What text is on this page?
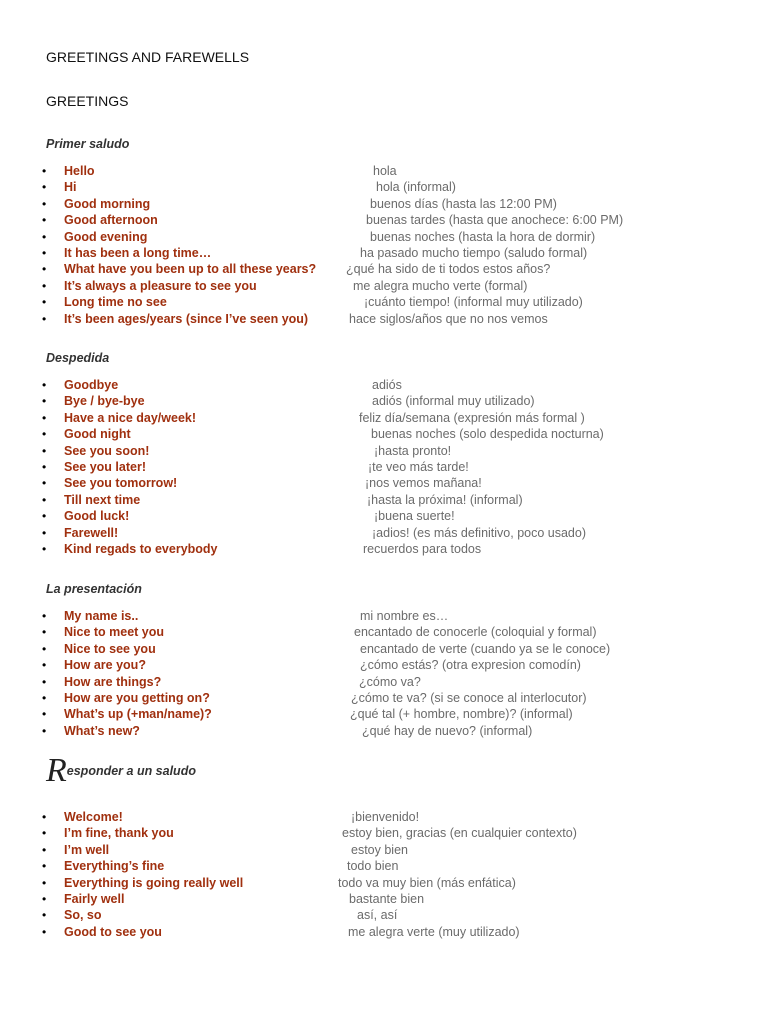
GREETINGS AND FAREWELLS
GREETINGS
Primer saludo
• Hello	hola
• Hi	hola (informal)
• Good morning	buenos días (hasta las 12:00 PM)
• Good afternoon	buenas tardes (hasta que anochece: 6:00 PM)
• Good evening	buenas noches (hasta la hora de dormir)
• It has been a long time…	ha pasado mucho tiempo (saludo formal)
• What have you been up to all these years? ¿qué ha sido de ti todos estos años?
• It’s always a pleasure to see you	me alegra mucho verte (formal)
• Long time no see	¡cuánto tiempo! (informal muy utilizado)
• It’s been ages/years (since I’ve seen you)	hace siglos/años que no nos vemos
Despedida
• Goodbye	adiós
• Bye / bye-bye	adiós (informal muy utilizado)
• Have a nice day/week!	feliz día/semana (expresión más formal )
• Good night	buenas noches (solo despedida nocturna)
• See you soon!	¡hasta pronto!
• See you later!	¡te veo más tarde!
• See you tomorrow!	¡nos vemos mañana!
• Till next time	¡hasta la próxima! (informal)
• Good luck!	¡buena suerte!
• Farewell!	¡adios! (es más definitivo, poco usado)
• Kind regads to everybody	recuerdos para todos
La presentación
• My name is..	mi nombre es…
• Nice to meet you	encantado de conocerle (coloquial y formal)
• Nice to see you	encantado de verte (cuando ya se le conoce)
• How are you?	¿cómo estás? (otra expresion comodín)
• How are things?	¿cómo va?
• How are you getting on?	¿cómo te va? (si se conoce al interlocutor)
• What’s up (+man/name)?	¿qué tal (+ hombre, nombre)? (informal)
• What’s new?	¿qué hay de nuevo? (informal)
Responder a un saludo
• Welcome!	¡bienvenido!
• I’m fine, thank you	estoy bien, gracias (en cualquier contexto)
• I’m well	estoy bien
• Everything’s fine	todo bien
• Everything is going really well	todo va muy bien (más enfática)
• Fairly well	bastante bien
• So, so	así, así
• Good to see you	me alegra verte (muy utilizado)
